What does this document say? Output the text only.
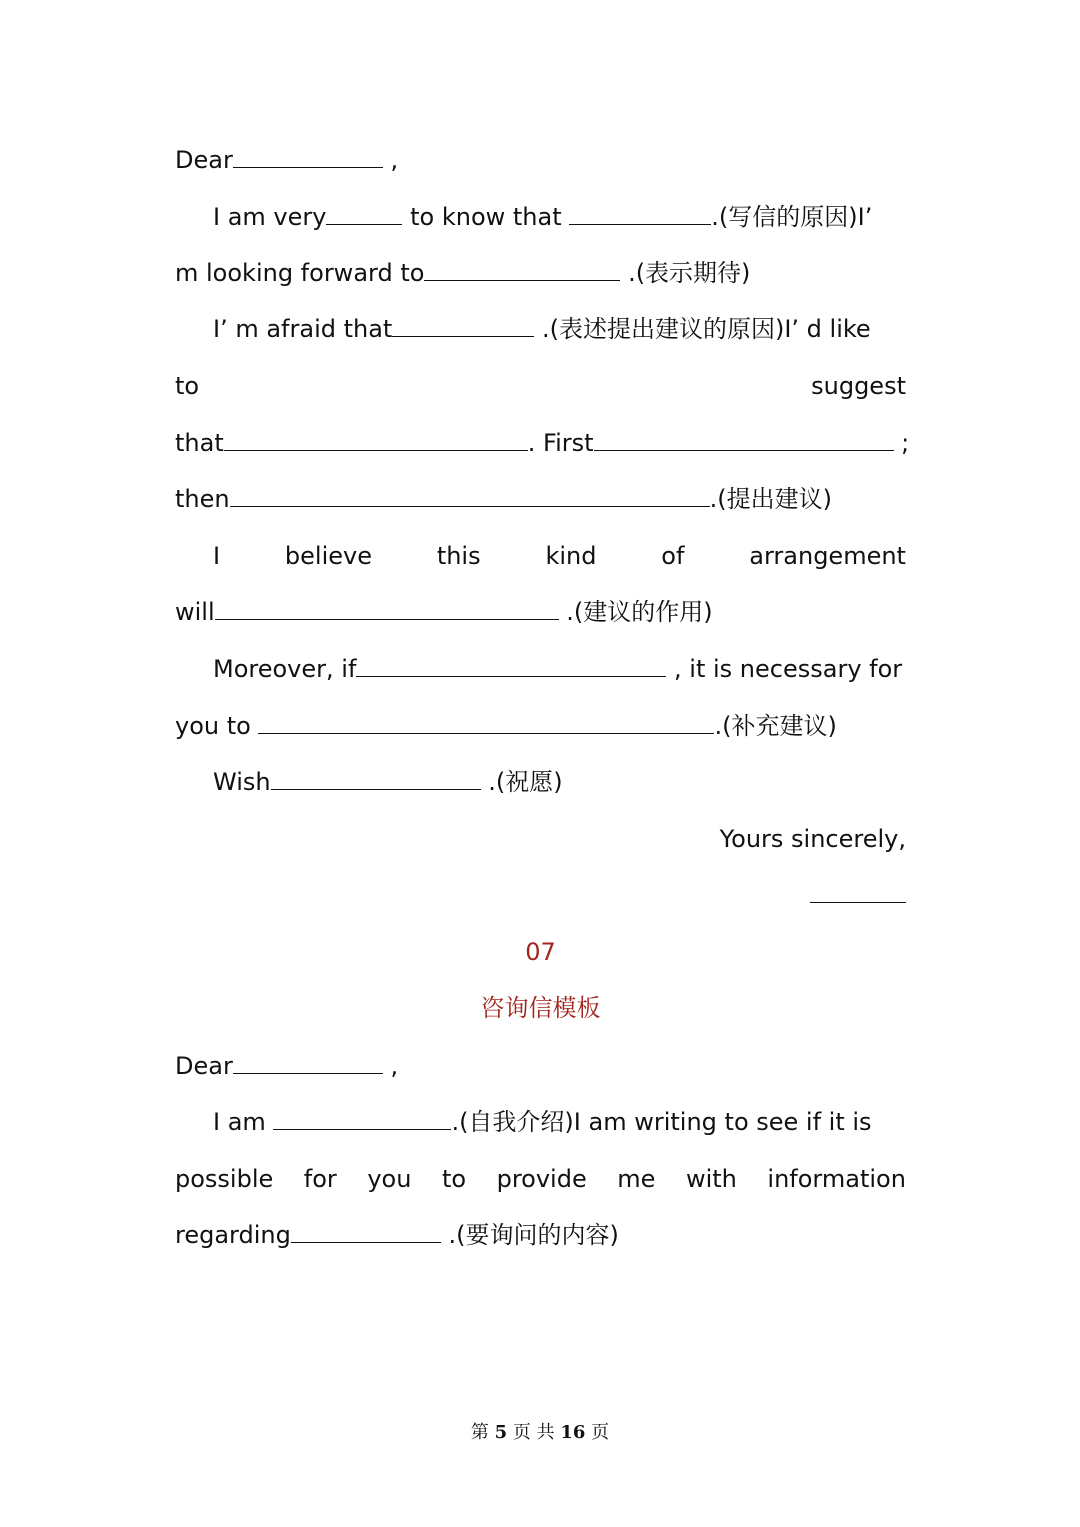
Dear	,
I am very	to know that	.(写信的原因)I’
m looking forward to	.(表示期待)
I’ m afraid that	.(表述提出建议的原因)I’ d like
to	suggest
that	. First	;
then	.(提出建议)
I	believe	this	kind	of	arrangement
will	.(建议的作用)
Moreover, if	, it is necessary for
you to	.(补充建议)
Wish	.(祝愿)
Yours sincerely,
07
咨询信模板
Dear	,
I am	.(自我介绍)I am writing to see if it is
possible for you to provide me with information
regarding	.(要询问的内容)
第 5 页 共 16 页
